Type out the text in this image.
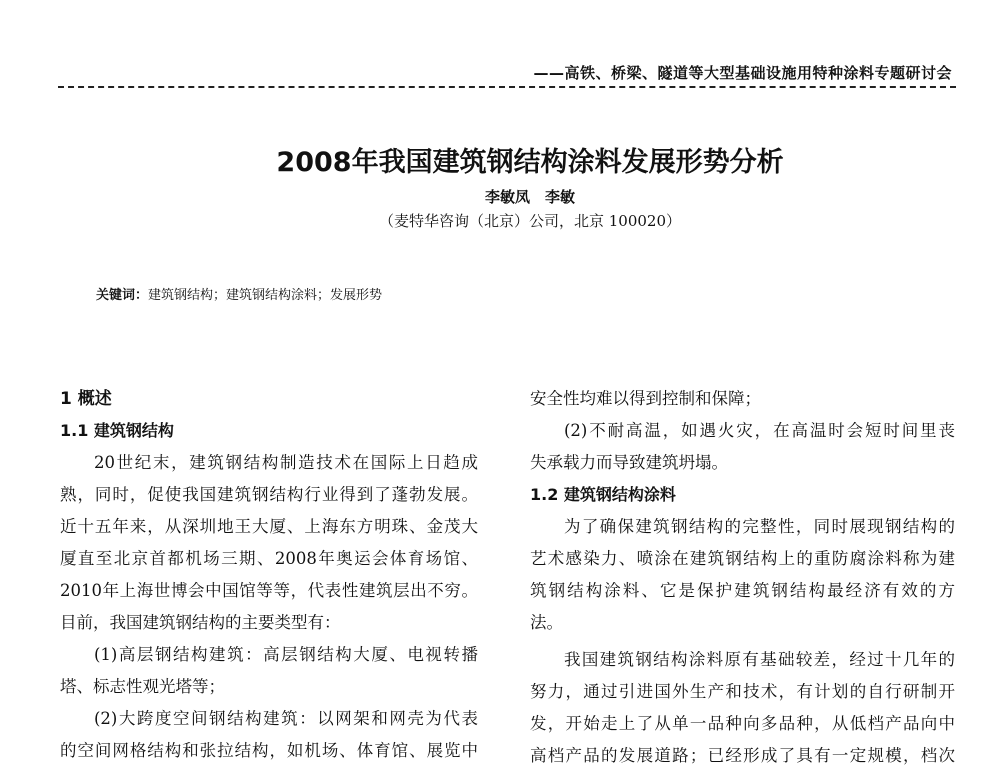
——高铁、桥梁、隧道等大型基础设施用特种涂料专题研讨会
2008年我国建筑钢结构涂料发展形势分析
李敏凤　李敏
（麦特华咨询（北京）公司，北京 100020）
关键词：建筑钢结构；建筑钢结构涂料；发展形势
1 概述
1.1 建筑钢结构
20世纪末，建筑钢结构制造技术在国际上日趋成
熟，同时，促使我国建筑钢结构行业得到了蓬勃发展。
近十五年来，从深圳地王大厦、上海东方明珠、金茂大
厦直至北京首都机场三期、2008年奥运会体育场馆、
2010年上海世博会中国馆等等，代表性建筑层出不穷。
目前，我国建筑钢结构的主要类型有：
(1)高层钢结构建筑：高层钢结构大厦、电视转播
塔、标志性观光塔等；
(2)大跨度空间钢结构建筑：以网架和网壳为代表
的空间网格结构和张拉结构，如机场、体育馆、展览中
安全性均难以得到控制和保障；
(2)不耐高温，如遇火灾，在高温时会短时间里丧
失承载力而导致建筑坍塌。
1.2 建筑钢结构涂料
为了确保建筑钢结构的完整性，同时展现钢结构的
艺术感染力、喷涂在建筑钢结构上的重防腐涂料称为建
筑钢结构涂料、它是保护建筑钢结构最经济有效的方
法。
我国建筑钢结构涂料原有基础较差，经过十几年的
努力，通过引进国外生产和技术，有计划的自行研制开
发，开始走上了从单一品种向多品种，从低档产品向中
高档产品的发展道路；已经形成了具有一定规模，档次
